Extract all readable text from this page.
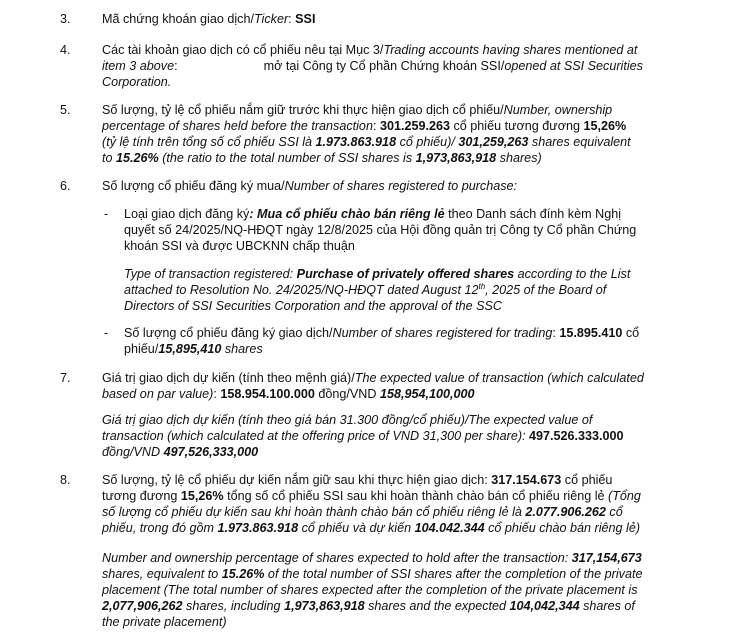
3. Mã chứng khoán giao dịch/Ticker: SSI

4. Các tài khoản giao dịch có cổ phiếu nêu tại Mục 3/Trading accounts having shares mentioned at

item 3 above:	mở tại Công ty Cổ phần Chứng khoán SSI/opened at SSI Securities

Corporation.

5. Số lượng, tỷ lệ cổ phiếu nắm giữ trước khi thực hiện giao dịch cổ phiếu/Number, ownership

percentage of shares held before the transaction: 301.259.263 cổ phiếu tương đương 15,26%

(tỷ lệ tính trên tổng số cổ phiếu SSI là 1.973.863.918 cổ phiếu)/ 301,259,263 shares equivalent

to 15.26% (the ratio to the total number of SSI shares is 1,973,863,918 shares)

6. Số lượng cổ phiếu đăng ký mua/Number of shares registered to purchase:

- Loại giao dịch đăng ký: Mua cổ phiếu chào bán riêng lẻ theo Danh sách đính kèm Nghị

quyết số 24/2025/NQ-HĐQT ngày 12/8/2025 của Hội đồng quản trị Công ty Cổ phần Chứng

khoán SSI và được UBCKNN chấp thuận

Type of transaction registered: Purchase of privately offered shares according to the List

attached to Resolution No. 24/2025/NQ-HĐQT dated August 12th, 2025 of the Board of

Directors of SSI Securities Corporation and the approval of the SSC

- Số lượng cổ phiếu đăng ký giao dịch/Number of shares registered for trading: 15.895.410 cổ

phiếu/15,895,410 shares

7. Giá trị giao dịch dự kiến (tính theo mệnh giá)/The expected value of transaction (which calculated

based on par value): 158.954.100.000 đồng/VND 158,954,100,000

Giá trị giao dịch dự kiến (tính theo giá bán 31.300 đồng/cổ phiếu)/The expected value of

transaction (which calculated at the offering price of VND 31,300 per share): 497.526.333.000

đồng/VND 497,526,333,000

8. Số lượng, tỷ lệ cổ phiếu dự kiến nắm giữ sau khi thực hiện giao dịch: 317.154.673 cổ phiếu

tương đương 15,26% tổng số cổ phiếu SSI sau khi hoàn thành chào bán cổ phiếu riêng lẻ (Tổng

số lượng cổ phiếu dự kiến sau khi hoàn thành chào bán cổ phiếu riêng lẻ là 2.077.906.262 cổ

phiếu, trong đó gồm 1.973.863.918 cổ phiếu và dự kiến 104.042.344 cổ phiếu chào bán riêng lẻ)

Number and ownership percentage of shares expected to hold after the transaction: 317,154,673

shares, equivalent to 15.26% of the total number of SSI shares after the completion of the private

placement (The total number of shares expected after the completion of the private placement is

2,077,906,262 shares, including 1,973,863,918 shares and the expected 104,042,344 shares of

the private placement)
